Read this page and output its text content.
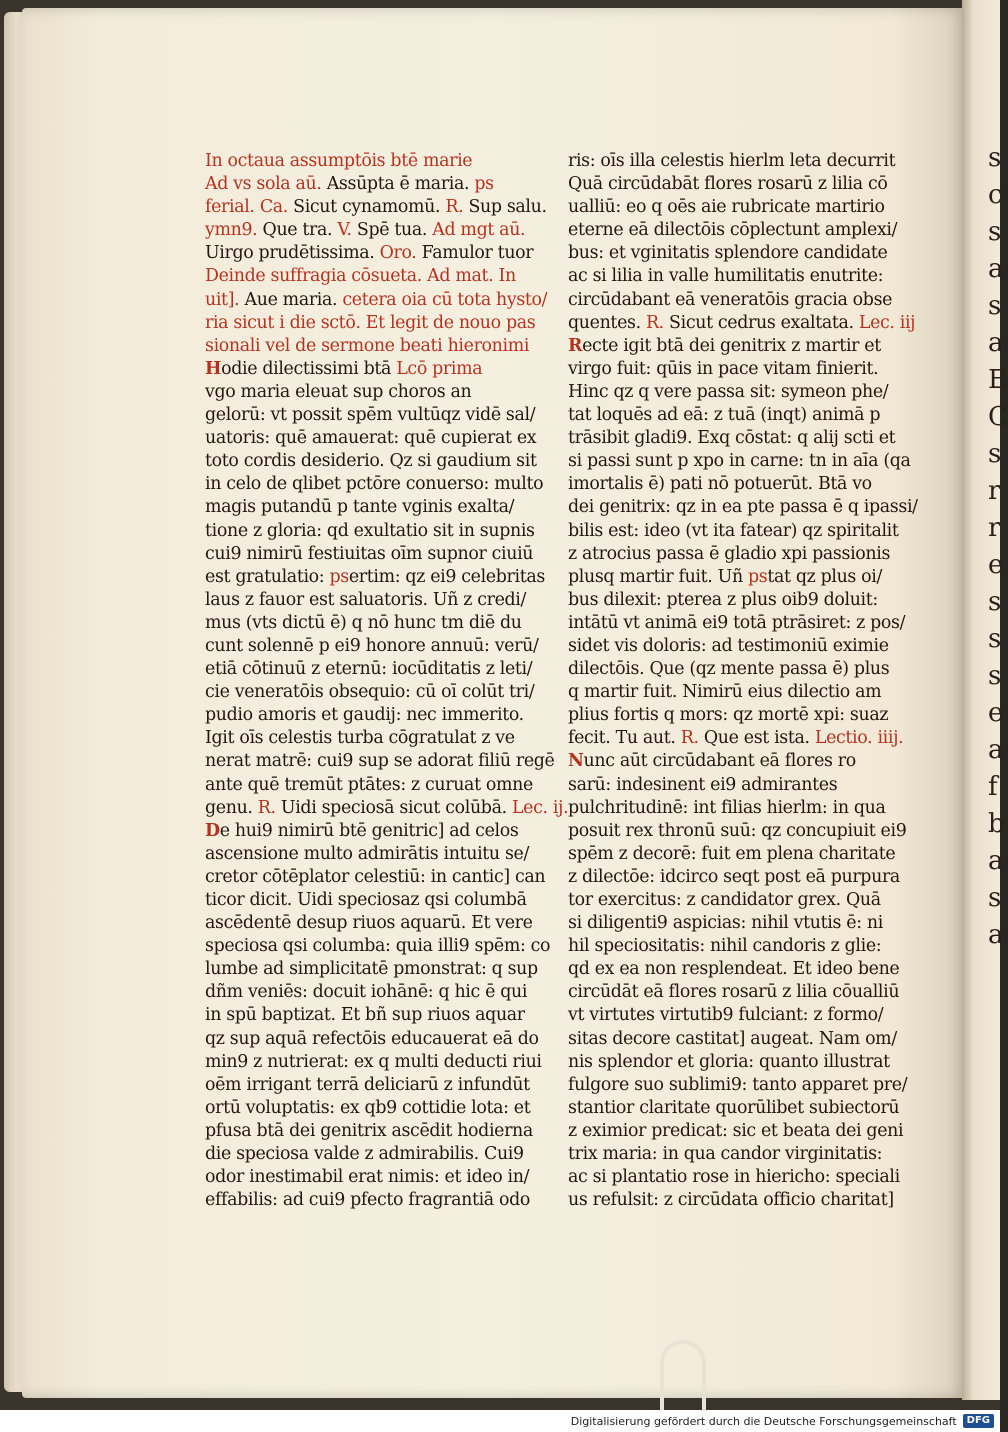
s
c
s
a
s
a
E
C
s
r
r
e
s
s
s
e
a
f
b
a
s
a
In octaua assumptōis btē marie
Ad vs sola aū. Assūpta ē maria. ps
ferial. Ca. Sicut cynamomū. R. Sup salu.
ymn9. Que tra. V. Spē tua. Ad mgt aū.
Uirgo prudētissima. Oro. Famulor tuor
Deinde suffragia cōsueta. Ad mat. In
uit]. Aue maria. cetera oia cū tota hysto/
ria sicut i die sctō. Et legit de nouo pas
sionali vel de sermone beati hieronimi
Hodie dilectissimi btā Lcō prima
vgo maria eleuat sup choros an
gelorū: vt possit spēm vultūqz vidē sal/
uatoris: quē amauerat: quē cupierat ex
toto cordis desiderio. Qz si gaudium sit
in celo de qlibet pctōre conuerso: multo
magis putandū p tante vginis exalta/
tione z gloria: qd exultatio sit in supnis
cui9 nimirū festiuitas oīm supnor ciuiū
est gratulatio: psertim: qz ei9 celebritas
laus z fauor est saluatoris. Uñ z credi/
mus (vts dictū ē) q nō hunc tm diē du
cunt solennē p ei9 honore annuū: verū/
etiā cōtinuū z eternū: iocūditatis z leti/
cie veneratōis obsequio: cū oī colūt tri/
pudio amoris et gaudij: nec immerito.
Igit oīs celestis turba cōgratulat z ve
nerat matrē: cui9 sup se adorat filiū regē
ante quē tremūt ptātes: z curuat omne
genu. R. Uidi speciosā sicut colūbā. Lec. ij.
De hui9 nimirū btē genitric] ad celos
ascensione multo admirātis intuitu se/
cretor cōtēplator celestiū: in cantic] can
ticor dicit. Uidi speciosaz qsi columbā
ascēdentē desup riuos aquarū. Et vere
speciosa qsi columba: quia illi9 spēm: co
lumbe ad simplicitatē pmonstrat: q sup
dñm veniēs: docuit iohānē: q hic ē qui
in spū baptizat. Et bñ sup riuos aquar
qz sup aquā refectōis educauerat eā do
min9 z nutrierat: ex q multi deducti riui
oēm irrigant terrā deliciarū z infundūt
ortū voluptatis: ex qb9 cottidie lota: et
pfusa btā dei genitrix ascēdit hodierna
die speciosa valde z admirabilis. Cui9
odor inestimabil erat nimis: et ideo in/
effabilis: ad cui9 pfecto fragrantiā odo
ris: oīs illa celestis hierlm leta decurrit
Quā circūdabāt flores rosarū z lilia cō
ualliū: eo q oēs aie rubricate martirio
eterne eā dilectōis cōplectunt amplexi/
bus: et vginitatis splendore candidate
ac si lilia in valle humilitatis enutrite:
circūdabant eā veneratōis gracia obse
quentes. R. Sicut cedrus exaltata. Lec. iij
Recte igit btā dei genitrix z martir et
virgo fuit: qūis in pace vitam finierit.
Hinc qz q vere passa sit: symeon phe/
tat loquēs ad eā: z tuā (inqt) animā p
trāsibit gladi9. Exq cōstat: q alij scti et
si passi sunt p xpo in carne: tn in aīa (qa
imortalis ē) pati nō potuerūt. Btā vo
dei genitrix: qz in ea pte passa ē q ipassi/
bilis est: ideo (vt ita fatear) qz spiritalit
z atrocius passa ē gladio xpi passionis
plusq martir fuit. Uñ pstat qz plus oi/
bus dilexit: pterea z plus oib9 doluit:
intātū vt animā ei9 totā ptrāsiret: z pos/
sidet vis doloris: ad testimoniū eximie
dilectōis. Que (qz mente passa ē) plus
q martir fuit. Nimirū eius dilectio am
plius fortis q mors: qz mortē xpi: suaz
fecit. Tu aut. R. Que est ista. Lectio. iiij.
Nunc aūt circūdabant eā flores ro
sarū: indesinent ei9 admirantes
pulchritudinē: int filias hierlm: in qua
posuit rex thronū suū: qz concupiuit ei9
spēm z decorē: fuit em plena charitate
z dilectōe: idcirco seqt post eā purpura
tor exercitus: z candidator grex. Quā
si diligenti9 aspicias: nihil vtutis ē: ni
hil speciositatis: nihil candoris z glie:
qd ex ea non resplendeat. Et ideo bene
circūdāt eā flores rosarū z lilia cōualliū
vt virtutes virtutib9 fulciant: z formo/
sitas decore castitat] augeat. Nam om/
nis splendor et gloria: quanto illustrat
fulgore suo sublimi9: tanto apparet pre/
stantior claritate quorūlibet subiectorū
z eximior predicat: sic et beata dei geni
trix maria: in qua candor virginitatis:
ac si plantatio rose in hiericho: speciali
us refulsit: z circūdata officio charitat]
Digitalisierung gefördert durch die Deutsche Forschungsgemeinschaft	DFG
